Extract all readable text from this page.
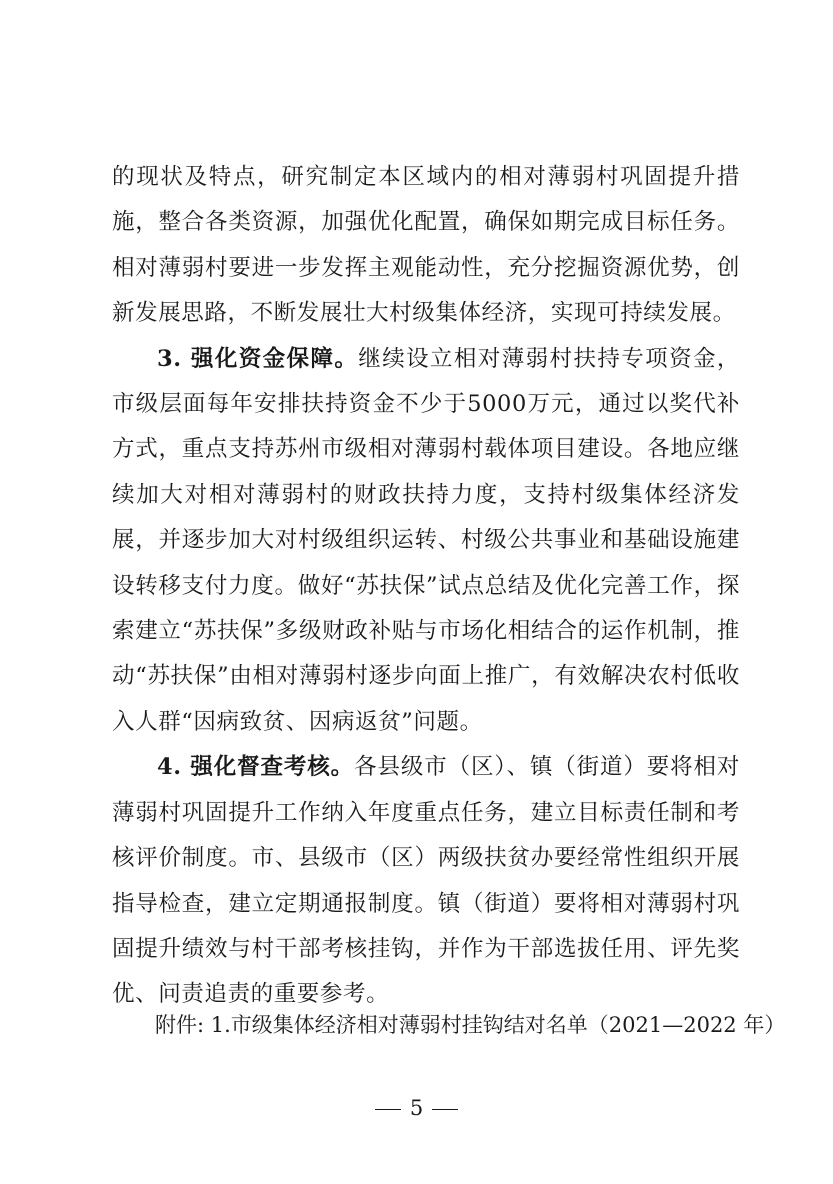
的现状及特点，研究制定本区域内的相对薄弱村巩固提升措施，整合各类资源，加强优化配置，确保如期完成目标任务。相对薄弱村要进一步发挥主观能动性，充分挖掘资源优势，创新发展思路，不断发展壮大村级集体经济，实现可持续发展。

3. 强化资金保障。继续设立相对薄弱村扶持专项资金，市级层面每年安排扶持资金不少于5000万元，通过以奖代补方式，重点支持苏州市级相对薄弱村载体项目建设。各地应继续加大对相对薄弱村的财政扶持力度，支持村级集体经济发展，并逐步加大对村级组织运转、村级公共事业和基础设施建设转移支付力度。做好“苏扶保”试点总结及优化完善工作，探索建立“苏扶保”多级财政补贴与市场化相结合的运作机制，推动“苏扶保”由相对薄弱村逐步向面上推广，有效解决农村低收入人群“因病致贫、因病返贫”问题。

4. 强化督查考核。各县级市（区）、镇（街道）要将相对薄弱村巩固提升工作纳入年度重点任务，建立目标责任制和考核评价制度。市、县级市（区）两级扶贫办要经常性组织开展指导检查，建立定期通报制度。镇（街道）要将相对薄弱村巩固提升绩效与村干部考核挂钩，并作为干部选拔任用、评先奖优、问责追责的重要参考。

附件: 1.市级集体经济相对薄弱村挂钩结对名单（2021—2022 年）
5
